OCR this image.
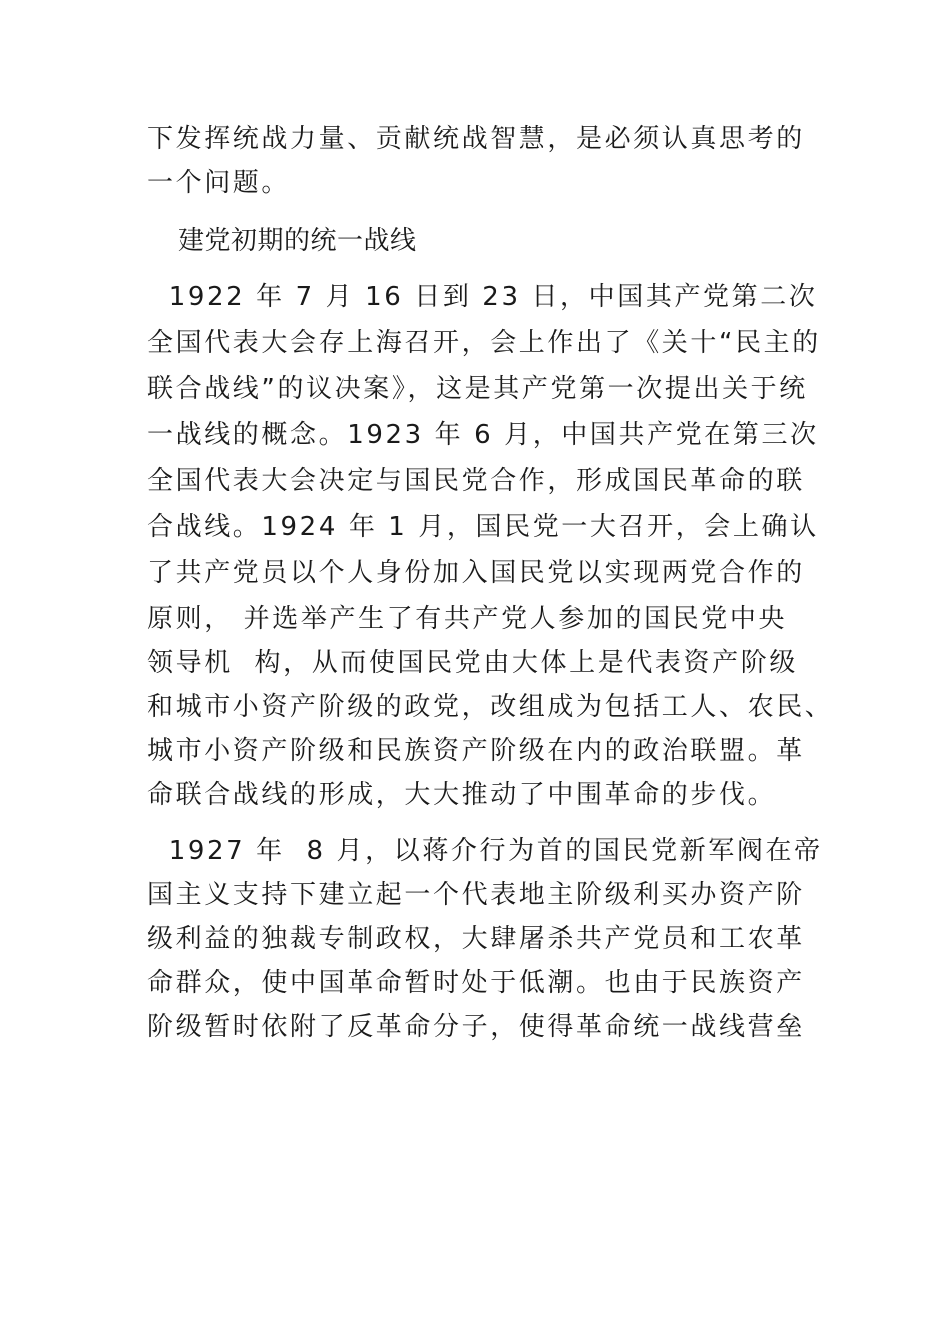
下发挥统战力量、贡献统战智慧，是必须认真思考的
一个问题。
建党初期的统一战线
1922 年 7 月 16 日到 23 日，中国其产党第二次
全国代表大会存上海召开，会上作出了《关十“民主的
联合战线”的议决案》，这是其产党第一次提出关于统
一战线的概念。1923 年 6 月，中国共产党在第三次
全国代表大会决定与国民党合作，形成国民革命的联
合战线。1924 年 1 月，国民党一大召开，会上确认
了共产党员以个人身份加入国民党以实现两党合作的
原则， 并选举产生了有共产党人参加的国民党中央
领导机  构，从而使国民党由大体上是代表资产阶级
和城市小资产阶级的政党，改组成为包括工人、农民、
城市小资产阶级和民族资产阶级在内的政治联盟。革
命联合战线的形成，大大推动了中围革命的步伐。
1927 年  8 月，以蒋介行为首的国民党新军阀在帝
国主义支持下建立起一个代表地主阶级利买办资产阶
级利益的独裁专制政权，大肆屠杀共产党员和工农革
命群众，使中国革命暂时处于低潮。也由于民族资产
阶级暂时依附了反革命分子，使得革命统一战线营垒
